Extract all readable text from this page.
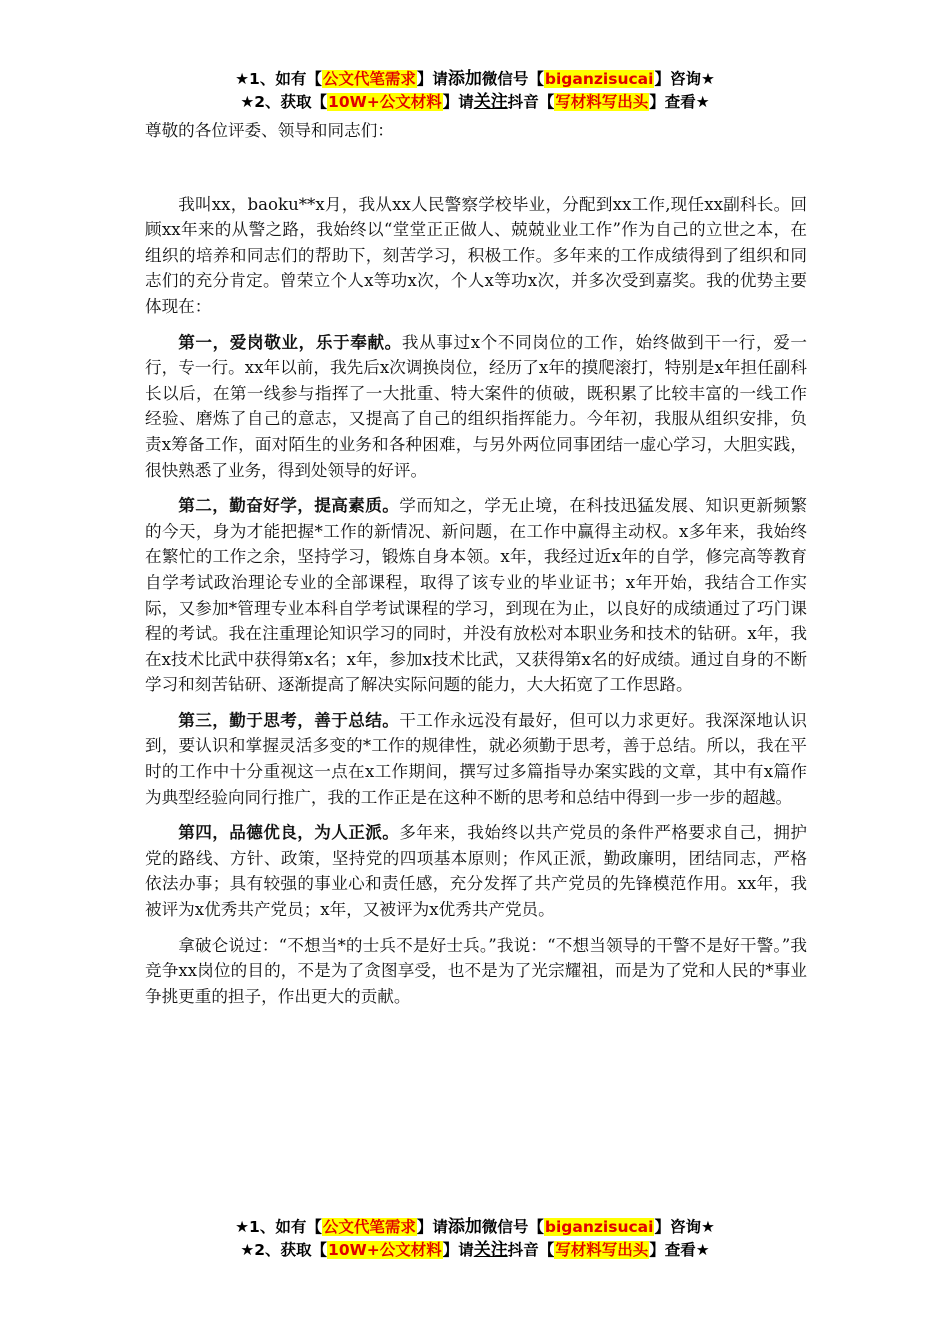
★1、如有【公文代笔需求】请添加微信号【biganzisucai】咨询★
★2、获取【10W+公文材料】请关注抖音【写材料写出头】查看★

尊敬的各位评委、领导和同志们：

我叫xx，baoku**x月，我从xx人民警察学校毕业，分配到xx工作,现任xx副科长。回顾xx年来的从警之路，我始终以“堂堂正正做人、兢兢业业工作”作为自己的立世之本，在组织的培养和同志们的帮助下，刻苦学习，积极工作。多年来的工作成绩得到了组织和同志们的充分肯定。曾荣立个人x等功x次，个人x等功x次，并多次受到嘉奖。我的优势主要体现在：

第一，爱岗敬业，乐于奉献。我从事过x个不同岗位的工作，始终做到干一行，爱一行，专一行。xx年以前，我先后x次调换岗位，经历了x年的摸爬滚打，特别是x年担任副科长以后，在第一线参与指挥了一大批重、特大案件的侦破，既积累了比较丰富的一线工作经验、磨炼了自己的意志，又提高了自己的组织指挥能力。今年初，我服从组织安排，负责x筹备工作，面对陌生的业务和各种困难，与另外两位同事团结一虚心学习，大胆实践，很快熟悉了业务，得到处领导的好评。

第二，勤奋好学，提高素质。学而知之，学无止境，在科技迅猛发展、知识更新频繁的今天，身为才能把握*工作的新情况、新问题，在工作中赢得主动权。x多年来，我始终在繁忙的工作之余，坚持学习，锻炼自身本领。x年，我经过近x年的自学，修完高等教育自学考试政治理论专业的全部课程，取得了该专业的毕业证书；x年开始，我结合工作实际，又参加*管理专业本科自学考试课程的学习，到现在为止，以良好的成绩通过了巧门课程的考试。我在注重理论知识学习的同时，并没有放松对本职业务和技术的钻研。x年，我在x技术比武中获得第x名；x年，参加x技术比武，又获得第x名的好成绩。通过自身的不断学习和刻苦钻研、逐渐提高了解决实际问题的能力，大大拓宽了工作思路。

第三，勤于思考，善于总结。干工作永远没有最好，但可以力求更好。我深深地认识到，要认识和掌握灵活多变的*工作的规律性，就必须勤于思考，善于总结。所以，我在平时的工作中十分重视这一点在x工作期间，撰写过多篇指导办案实践的文章，其中有x篇作为典型经验向同行推广，我的工作正是在这种不断的思考和总结中得到一步一步的超越。

第四，品德优良，为人正派。多年来，我始终以共产党员的条件严格要求自己，拥护党的路线、方针、政策，坚持党的四项基本原则；作风正派，勤政廉明，团结同志，严格依法办事；具有较强的事业心和责任感，充分发挥了共产党员的先锋模范作用。xx年，我被评为x优秀共产党员；x年，又被评为x优秀共产党员。

拿破仑说过：“不想当*的士兵不是好士兵。”我说：“不想当领导的干警不是好干警。”我竞争xx岗位的目的，不是为了贪图享受，也不是为了光宗耀祖，而是为了党和人民的*事业争挑更重的担子，作出更大的贡献。

★1、如有【公文代笔需求】请添加微信号【biganzisucai】咨询★
★2、获取【10W+公文材料】请关注抖音【写材料写出头】查看★
